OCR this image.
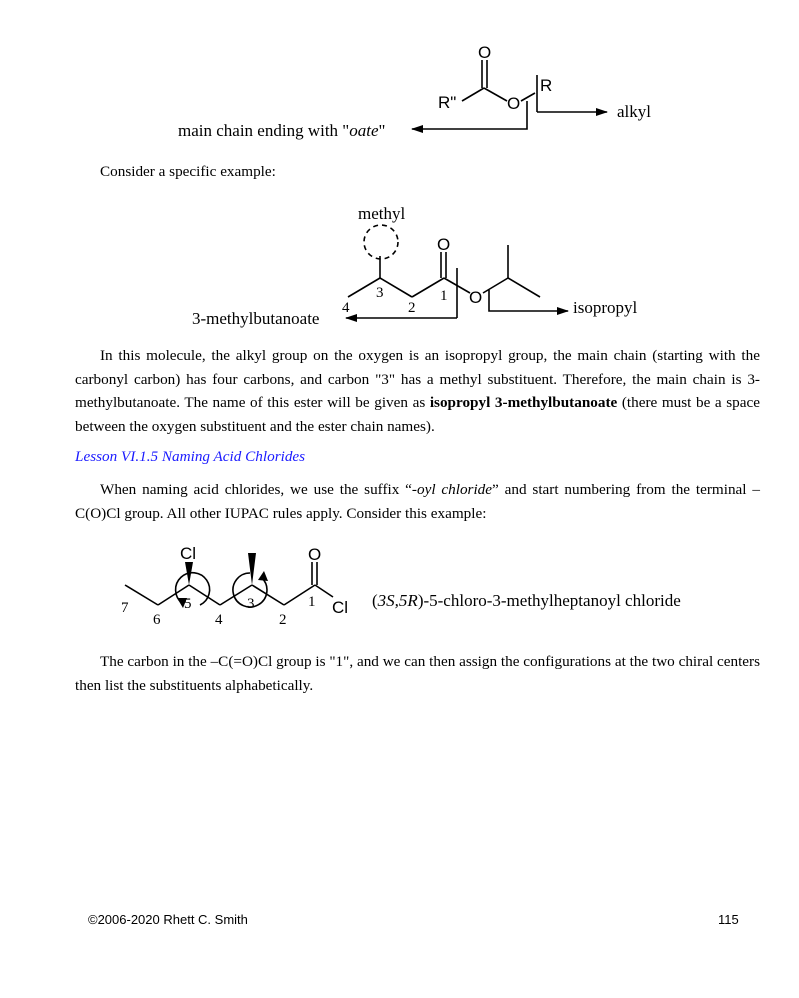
O
O
R"
R
alkyl
main chain ending with "oate"

Consider a specific example:

methyl
O
O
1
2
3
4
3-methylbutanoate
isopropyl

In this molecule, the alkyl group on the oxygen is an isopropyl group, the main chain (starting with the carbonyl carbon) has four carbons, and carbon "3" has a methyl substituent. Therefore, the main chain is 3-methylbutanoate. The name of this ester will be given as isopropyl 3-methylbutanoate (there must be a space between the oxygen substituent and the ester chain names).

Lesson VI.1.5 Naming Acid Chlorides

When naming acid chlorides, we use the suffix “-oyl chloride” and start numbering from the terminal –C(O)Cl group. All other IUPAC rules apply. Consider this example:

Cl	O
Cl
1
2
3
4
5
6
7	(3S,5R)-5-chloro-3-methylheptanoyl chloride

The carbon in the –C(=O)Cl group is "1", and we can then assign the configurations at the two chiral centers then list the substituents alphabetically.

©2006-2020 Rhett C. Smith	115
